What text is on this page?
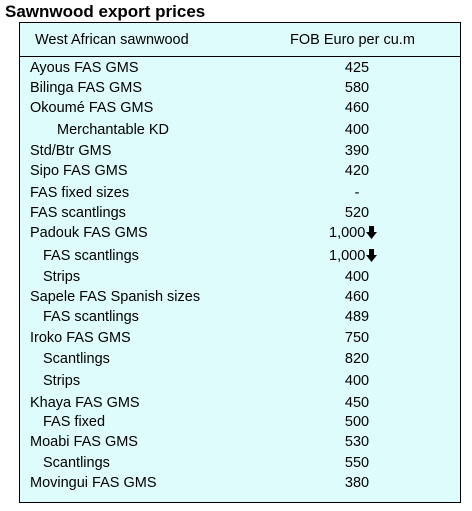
Sawnwood export prices
West African sawnwood	FOB Euro per cu.m
Ayous FAS GMS	425
Bilinga FAS GMS	580
Okoumé FAS GMS	460
Merchantable KD	400
Std/Btr GMS	390
Sipo FAS GMS	420
FAS fixed sizes	-
FAS scantlings	520
Padouk FAS GMS	1,000
FAS scantlings	1,000
Strips	400
Sapele FAS Spanish sizes	460
FAS scantlings	489
Iroko FAS GMS	750
Scantlings	820
Strips	400
Khaya FAS GMS	450
FAS fixed	500
Moabi FAS GMS	530
Scantlings	550
Movingui FAS GMS	380
